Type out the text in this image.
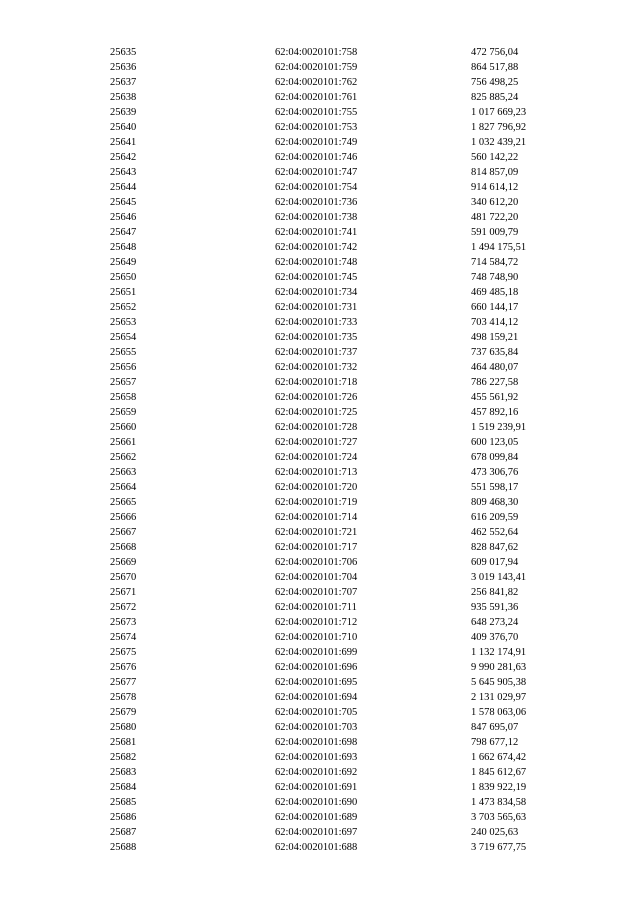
25635	62:04:0020101:758	472 756,04
25636	62:04:0020101:759	864 517,88
25637	62:04:0020101:762	756 498,25
25638	62:04:0020101:761	825 885,24
25639	62:04:0020101:755	1 017 669,23
25640	62:04:0020101:753	1 827 796,92
25641	62:04:0020101:749	1 032 439,21
25642	62:04:0020101:746	560 142,22
25643	62:04:0020101:747	814 857,09
25644	62:04:0020101:754	914 614,12
25645	62:04:0020101:736	340 612,20
25646	62:04:0020101:738	481 722,20
25647	62:04:0020101:741	591 009,79
25648	62:04:0020101:742	1 494 175,51
25649	62:04:0020101:748	714 584,72
25650	62:04:0020101:745	748 748,90
25651	62:04:0020101:734	469 485,18
25652	62:04:0020101:731	660 144,17
25653	62:04:0020101:733	703 414,12
25654	62:04:0020101:735	498 159,21
25655	62:04:0020101:737	737 635,84
25656	62:04:0020101:732	464 480,07
25657	62:04:0020101:718	786 227,58
25658	62:04:0020101:726	455 561,92
25659	62:04:0020101:725	457 892,16
25660	62:04:0020101:728	1 519 239,91
25661	62:04:0020101:727	600 123,05
25662	62:04:0020101:724	678 099,84
25663	62:04:0020101:713	473 306,76
25664	62:04:0020101:720	551 598,17
25665	62:04:0020101:719	809 468,30
25666	62:04:0020101:714	616 209,59
25667	62:04:0020101:721	462 552,64
25668	62:04:0020101:717	828 847,62
25669	62:04:0020101:706	609 017,94
25670	62:04:0020101:704	3 019 143,41
25671	62:04:0020101:707	256 841,82
25672	62:04:0020101:711	935 591,36
25673	62:04:0020101:712	648 273,24
25674	62:04:0020101:710	409 376,70
25675	62:04:0020101:699	1 132 174,91
25676	62:04:0020101:696	9 990 281,63
25677	62:04:0020101:695	5 645 905,38
25678	62:04:0020101:694	2 131 029,97
25679	62:04:0020101:705	1 578 063,06
25680	62:04:0020101:703	847 695,07
25681	62:04:0020101:698	798 677,12
25682	62:04:0020101:693	1 662 674,42
25683	62:04:0020101:692	1 845 612,67
25684	62:04:0020101:691	1 839 922,19
25685	62:04:0020101:690	1 473 834,58
25686	62:04:0020101:689	3 703 565,63
25687	62:04:0020101:697	240 025,63
25688	62:04:0020101:688	3 719 677,75
